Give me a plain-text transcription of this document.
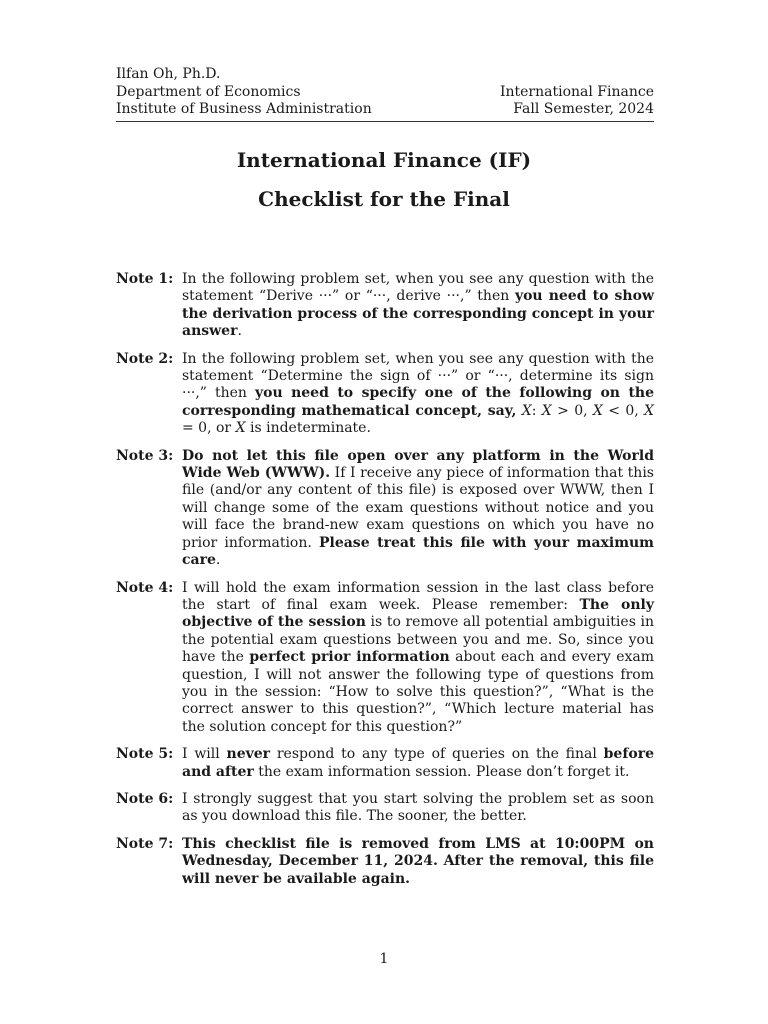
Ilfan Oh, Ph.D.
Department of Economics	International Finance
Institute of Business Administration	Fall Semester, 2024
International Finance (IF)
Checklist for the Final
Note 1: In the following problem set, when you see any question with the statement “Derive ···” or “···, derive ···,” then you need to show the derivation process of the corresponding concept in your answer.
Note 2: In the following problem set, when you see any question with the statement “Determine the sign of ···” or “···, determine its sign ···,” then you need to specify one of the following on the corresponding mathematical concept, say, X: X > 0, X < 0, X = 0, or X is indeterminate.
Note 3: Do not let this file open over any platform in the World Wide Web (WWW). If I receive any piece of information that this file (and/or any content of this file) is exposed over WWW, then I will change some of the exam questions without notice and you will face the brand-new exam questions on which you have no prior information. Please treat this file with your maximum care.
Note 4: I will hold the exam information session in the last class before the start of final exam week. Please remember: The only objective of the session is to remove all potential ambiguities in the potential exam questions between you and me. So, since you have the perfect prior information about each and every exam question, I will not answer the following type of questions from you in the session: “How to solve this question?”, “What is the correct answer to this question?”, “Which lecture material has the solution concept for this question?”
Note 5: I will never respond to any type of queries on the final before and after the exam information session. Please don’t forget it.
Note 6: I strongly suggest that you start solving the problem set as soon as you download this file. The sooner, the better.
Note 7: This checklist file is removed from LMS at 10:00PM on Wednesday, December 11, 2024. After the removal, this file will never be available again.
1
